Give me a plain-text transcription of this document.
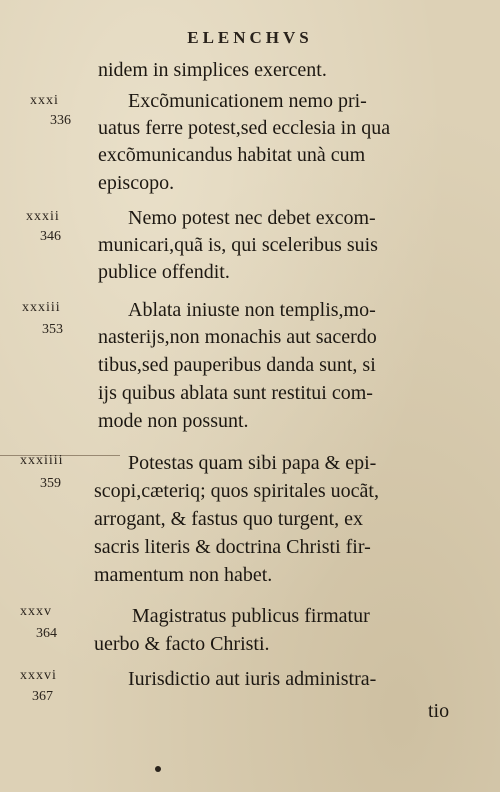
ELENCHVS
nidem in simplices exercent.
xxxi
336
Excõmunicationem nemo pri-
uatus ferre potest,sed ecclesia in qua
excõmunicandus habitat unà cum
episcopo.
xxxii
346
Nemo potest nec debet excom-
municari,quã is, qui sceleribus suis
publice offendit.
xxxiii
353
Ablata iniuste non templis,mo-
nasterijs,non monachis aut sacerdo
tibus,sed pauperibus danda sunt, si
ijs quibus ablata sunt restitui com-
mode non possunt.
xxxiiii
359
Potestas quam sibi papa & epi-
scopi,cæteriq; quos spiritales uocãt,
arrogant, & fastus quo turgent, ex
sacris literis & doctrina Christi fir-
mamentum non habet.
xxxv
364
Magistratus publicus firmatur
uerbo & facto Christi.
xxxvi
367
Iurisdictio aut iuris administra-
tio
